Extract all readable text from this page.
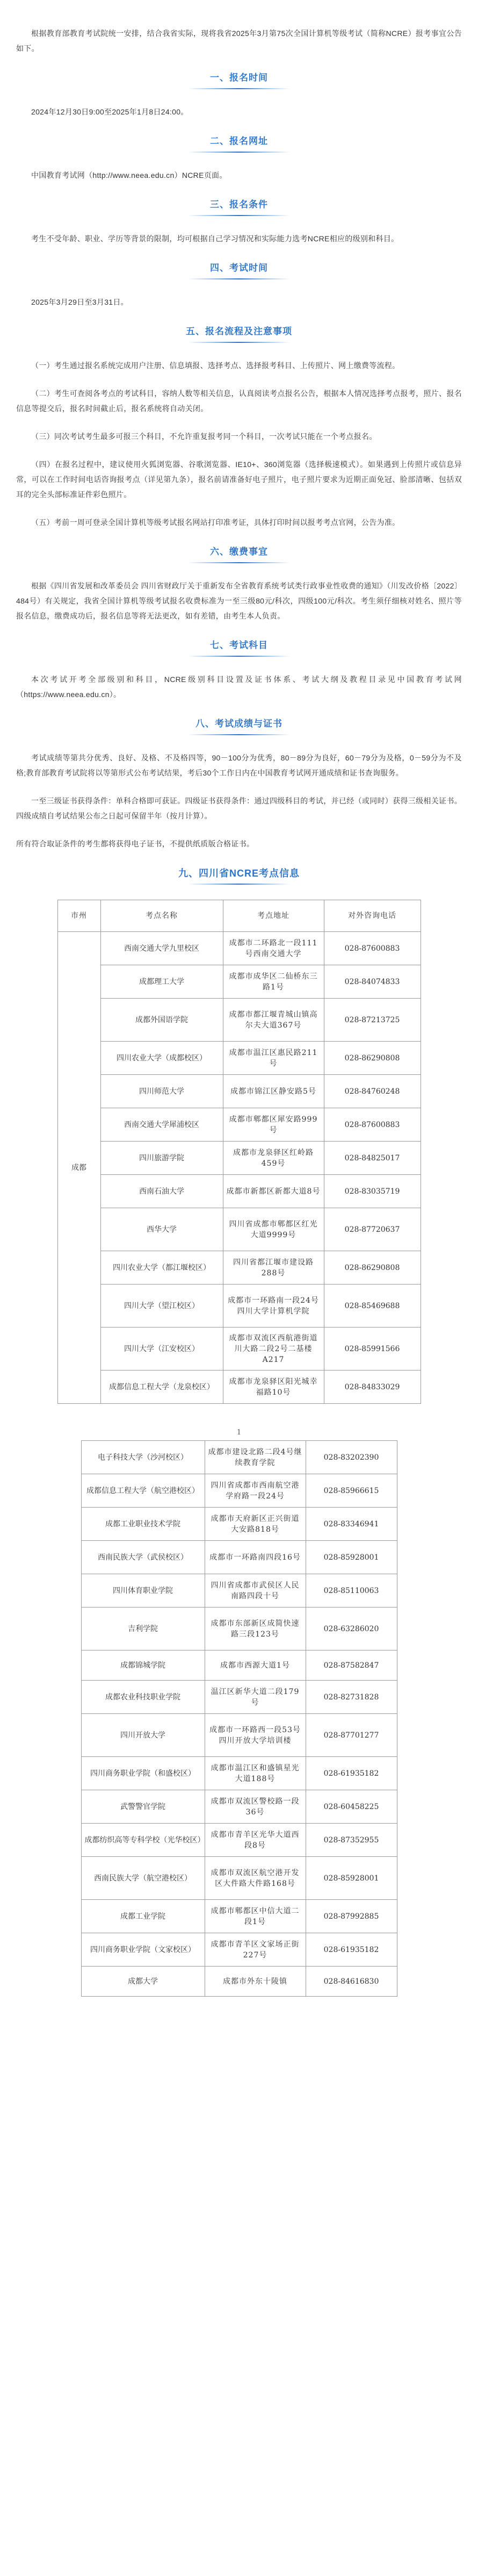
根据教育部教育考试院统一安排，结合我省实际，现将我省2025年3月第75次全国计算机等级考试（简称NCRE）报考事宜公告如下。

一、报名时间

2024年12月30日9:00至2025年1月8日24:00。

二、报名网址

中国教育考试网（http://www.neea.edu.cn）NCRE页面。

三、报名条件

考生不受年龄、职业、学历等背景的限制，均可根据自己学习情况和实际能力选考NCRE相应的级别和科目。

四、考试时间

2025年3月29日至3月31日。

五、报名流程及注意事项

（一）考生通过报名系统完成用户注册、信息填报、选择考点、选择报考科目、上传照片、网上缴费等流程。

（二）考生可查阅各考点的考试科目，容纳人数等相关信息，认真阅读考点报名公告，根据本人情况选择考点报考，照片、报名信息等提交后，报名时间截止后，报名系统将自动关闭。

（三）同次考试考生最多可报三个科目，不允许重复报考同一个科目，一次考试只能在一个考点报名。

（四）在报名过程中，建议使用火狐浏览器、谷歌浏览器、IE10+、360浏览器（选择极速模式）。如果遇到上传照片或信息异常，可以在工作时间电话咨询报考点（详见第九条），报名前请准备好电子照片，电子照片要求为近期正面免冠、脸部清晰、包括双耳的完全头部标准证件彩色照片。

（五）考前一周可登录全国计算机等级考试报名网站打印准考证，具体打印时间以报考考点官网，公告为准。

六、缴费事宜

根据《四川省发展和改革委员会 四川省财政厅关于重新发布全省教育系统考试类行政事业性收费的通知》（川发改价格〔2022〕484号）有关规定，我省全国计算机等级考试报名收费标准为一至三级80元/科次，四级100元/科次。考生须仔细核对姓名、照片等报名信息，缴费成功后，报名信息等将无法更改，如有差错，由考生本人负责。

七、考试科目

本次考试开考全部级别和科目，NCRE级别科目设置及证书体系、考试大纲及教程目录见中国教育考试网（https://www.neea.edu.cn）。

八、考试成绩与证书

考试成绩等第共分优秀、良好、及格、不及格四等，90－100分为优秀，80－89分为良好，60－79分为及格，0－59分为不及格;教育部教育考试院将以等第形式公布考试结果，考后30个工作日内在中国教育考试网开通成绩和证书查询服务。

一至三级证书获得条件：单科合格即可获证。四级证书获得条件：通过四级科目的考试，并已经（或同时）获得三级相关证书。四级成绩自考试结果公布之日起可保留半年（按月计算）。

所有符合取证条件的考生都将获得电子证书，不提供纸质版合格证书。

九、四川省NCRE考点信息
市州	考点名称	考点地址	对外咨询电话
成都	西南交通大学九里校区	成都市二环路北一段111号西南交通大学	028-87600883
	成都理工大学	成都市成华区二仙桥东三路1号	028-84074833
	成都外国语学院	成都市都江堰青城山镇高尔夫大道367号	028-87213725
	四川农业大学（成都校区）	成都市温江区惠民路211号	028-86290808
	四川师范大学	成都市锦江区静安路5号	028-84760248
	西南交通大学犀浦校区	成都市郫都区犀安路999号	028-87600883
	四川旅游学院	成都市龙泉驿区红岭路459号	028-84825017
	西南石油大学	成都市新都区新都大道8号	028-83035719
	西华大学	四川省成都市郫都区红光大道9999号	028-87720637
	四川农业大学（都江堰校区）	四川省都江堰市建设路288号	028-86290808
	四川大学（望江校区）	成都市一环路南一段24号四川大学计算机学院	028-85469688
	四川大学（江安校区）	成都市双流区西航港街道川大路二段2号二基楼A217	028-85991566
	成都信息工程大学（龙泉校区）	成都市龙泉驿区阳光城幸福路10号	028-84833029
1
电子科技大学（沙河校区）	成都市建设北路二段4号继续教育学院	028-83202390
成都信息工程大学（航空港校区）	四川省成都市西南航空港学府路一段24号	028-85966615
成都工业职业技术学院	成都市天府新区正兴街道大安路818号	028-83346941
西南民族大学（武侯校区）	成都市一环路南四段16号	028-85928001
四川体育职业学院	四川省成都市武侯区人民南路四段十号	028-85110063
吉利学院	成都市东部新区成简快速路三段123号	028-63286020
成都锦城学院	成都市西源大道1号	028-87582847
成都农业科技职业学院	温江区新华大道二段179号	028-82731828
四川开放大学	成都市一环路西一段53号四川开放大学培训楼	028-87701277
四川商务职业学院（和盛校区）	成都市温江区和盛镇星光大道188号	028-61935182
武警警官学院	成都市双流区警校路一段36号	028-60458225
成都纺织高等专科学校（光华校区）	成都市青羊区光华大道西段8号	028-87352955
西南民族大学（航空港校区）	成都市双流区航空港开发区大件路大件路168号	028-85928001
成都工业学院	成都市郫都区中信大道二段1号	028-87992885
四川商务职业学院（文家校区）	成都市青羊区文家场正街227号	028-61935182
成都大学	成都市外东十陵镇	028-84616830
